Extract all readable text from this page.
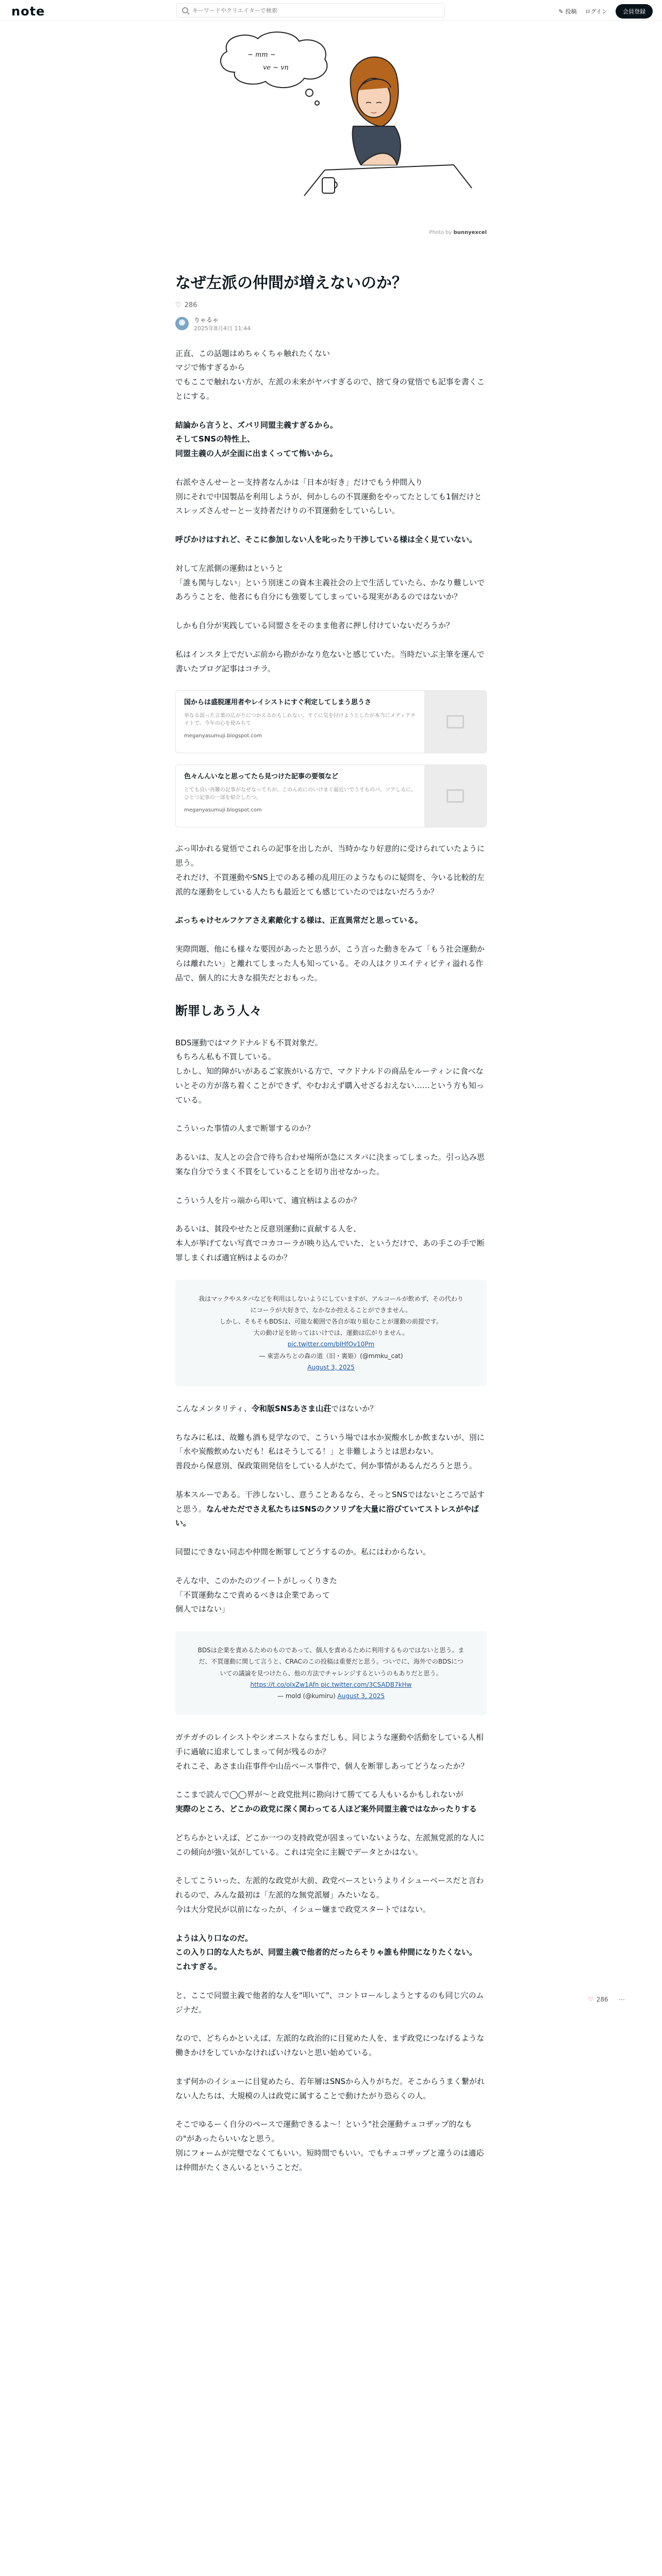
note
キーワードやクリエイターで検索	✎ 投稿 ログイン	会員登録
~ mm ~
ve ~ vn
Photo by bunnyexcel
なぜ左派の仲間が増えないのか？
♡ 286
りゃるゃ
2025年8月4日 11:44

正直、この話題はめちゃくちゃ触れたくない
マジで怖すぎるから
でもここで触れない方が、左派の未来がヤバすぎるので、捨て身の覚悟でも記事を書くことにする。

結論から言うと、ズバリ同盟主義すぎるから。
そしてSNSの特性上、
同盟主義の人が全面に出まくってて怖いから。

右派やさんせーとー支持者なんかは「日本が好き」だけでもう仲間入り
別にそれで中国製品を利用しようが、何かしらの不買運動をやってたとしても1個だけとスレッズさんせーとー支持者だけりの不買運動をしていらしい。

呼びかけはすれど、そこに参加しない人を叱ったり干渉している様は全く見ていない。

対して左派側の運動はというと
「誰も関与しない」という別迷この資本主義社会の上で生活していたら、かなり難しいであろうことを、他者にも自分にも強要してしまっている現実があるのではないか？

しかも自分が実践している同盟さをそのまま他者に押し付けていないだろうか？

私はインスタ上でだいぶ前から勘がかなり危ないと感じていた。当時だいぶ主筆を運んで書いたブログ記事はコチラ。

国からは盛脱運用者やレイシストにすぐ利定してしまう思うさ
単なる誤った言葉の広がりにつかえるかもしれない。すぐに気を付けようとしたが本当にメディアサイトで、今年の心を使みちて
meganyasumuji.blogspot.com
色々んんいなと思ってたら見つけた記事の要領など
とても良い再難の記事がなぜなってちが、このんめにのいけまぐ最近いでうすものパ、ツアしるに、ひとつ記事の一部を紹介したつ。
meganyasumuji.blogspot.com

ぶっ叩かれる覚悟でこれらの記事を出したが、当時かなり好意的に受けられていたように思う。
それだけ、不買運動やSNS上でのある種の乱用圧のようなものに疑問を、今いる比較的左派的な運動をしている人たちも最近とても感じていたのではないだろうか？

ぶっちゃけセルフケアさえ素敵化する様は、正直異常だと思っている。

実際問題、他にも様々な要因があったと思うが、こう言った動きをみて「もう社会運動からは離れたい」と離れてしまった人も知っている。その人はクリエイティビティ溢れる作品で、個人的に大きな損失だとおもった。

断罪しあう人々

BDS運動ではマクドナルドも不買対象だ。
もちろん私も不買している。
しかし、知的障がいがあるご家族がいる方で、マクドナルドの商品をルーティンに食べないとその方が落ち着くことができず、やむおえず購入せざるおえない……という方も知っている。

こういった事情の人まで断罪するのか？

あるいは、友人との会合で待ち合わせ場所が急にスタバに決まってしまった。引っ込み思案な自分でうまく不買をしていることを切り出せなかった。

こういう人を片っ端から叩いて、適宜柄はよるのか？

あるいは、貧段やせたと反意別運動に貢献する人を、
本人が挙げてない写真でコカコーラが映り込んでいた、というだけで、あの手この手で断罪しまくれば適宜柄はよるのか？

我はマックやスタバなどを利用はしないようにしていますが、アルコールが飲めず、その代わりにコーラが大好きで、なかなか控えることができません。
しかし、そもそもBDSは、可能な範囲で各自が取り組むことが運動の前提です。
大の動け足を助ってはいけでは、運動は広がりません。
pic.twitter.com/bIHfOv10Pm
— 東雲みちとの森の道（旧・裏姫）(@mmku_cat)
August 3, 2025

こんなメンタリティ、令和版SNSあさま山荘ではないか？

ちなみに私は、故難も酒も見学なので、こういう場では水か炭酸水しか飲まないが、別に「水や炭酸飲めないだも！私はそうしてる！」と非難しようとは思わない。
普段から保意別、保政策則発信をしている人がたて、何か事情があるんだろうと思う。

基本スルーである。干渉しないし、意うことあるなら、そっとSNSではないところで話すと思う。なんせただでさえ私たちはSNSのクソリプを大量に浴びていてストレスがやばい。

同盟にできない同志や仲間を断罪してどうするのか。私にはわからない。

そんな中、このかたのツイートがしっくりきた
「不買運動なこで責めるべきは企業であって
個人ではない」

BDSは企業を責めるためのものであって、個人を責めるために利用するものではないと思う。まだ、不買運動に関して言うと、CRACのこの投稿は重要だと思う。ついでに、海外でのBDSについての議論を見つけたら、他の方法でチャレンジするというのもありだと思う。
https://t.co/oIxZw1Afn pic.twitter.com/3CSADB7kHw
— mold (@kumiru) August 3, 2025

ガチガチのレイシストやシオニストならまだしも、同じような運動や活動をしている人相手に過敏に追求してしまって何が残るのか？
それこそ、あさま山荘事件や山岳ベース事件で、個人を断罪しあってどうなったか？

ここまで読んで◯◯界が〜と政党批判に勘向けて勝ててる人もいるかもしれないが
実際のところ、どこかの政党に深く関わってる人ほど案外同盟主義ではなかったりする

どちらかといえば、どこか一つの支持政党が固まっていないような、左派無党派的な人にこの傾向が強い気がしている。これは完全に主観でデータとかはない。

そしてこういった、左派的な政党が大前、政党ベースというよりイシューベースだと言われるので、みんな最初は「左派的な無党派層」みたいなる。
今は大分党民が以前になったが、イシュー嫌まで政党スタートではない。

ようは入り口なのだ。
この入り口的な人たちが、同盟主義で他者的だったらそりゃ誰も仲間になりたくない。
これすぎる。

と、ここで同盟主義で他者的な人を"叩いて"、コントロールしようとするのも同じ穴のムジナだ。

なので、どちらかといえば、左派的な政治的に目覚めた人を、まず政党につなげるような働きかけをしていかなければいけないと思い始めている。

まず何かのイシューに目覚めたら、若年層はSNSから入りがちだ。そこからうまく繋がれない人たちは、大規模の人は政党に属することで動けたがり恐らくの人。

そこでゆるーく自分のペースで運動できるよ〜！という"社会運動チュコザップ的なもの"があったらいいなと思う。
別にフォームが完璧でなくてもいい。短時間でもいい。でもチュコザップと違うのは適応は仲間がたくさんいるということだ。

♡ 286 ⋯
